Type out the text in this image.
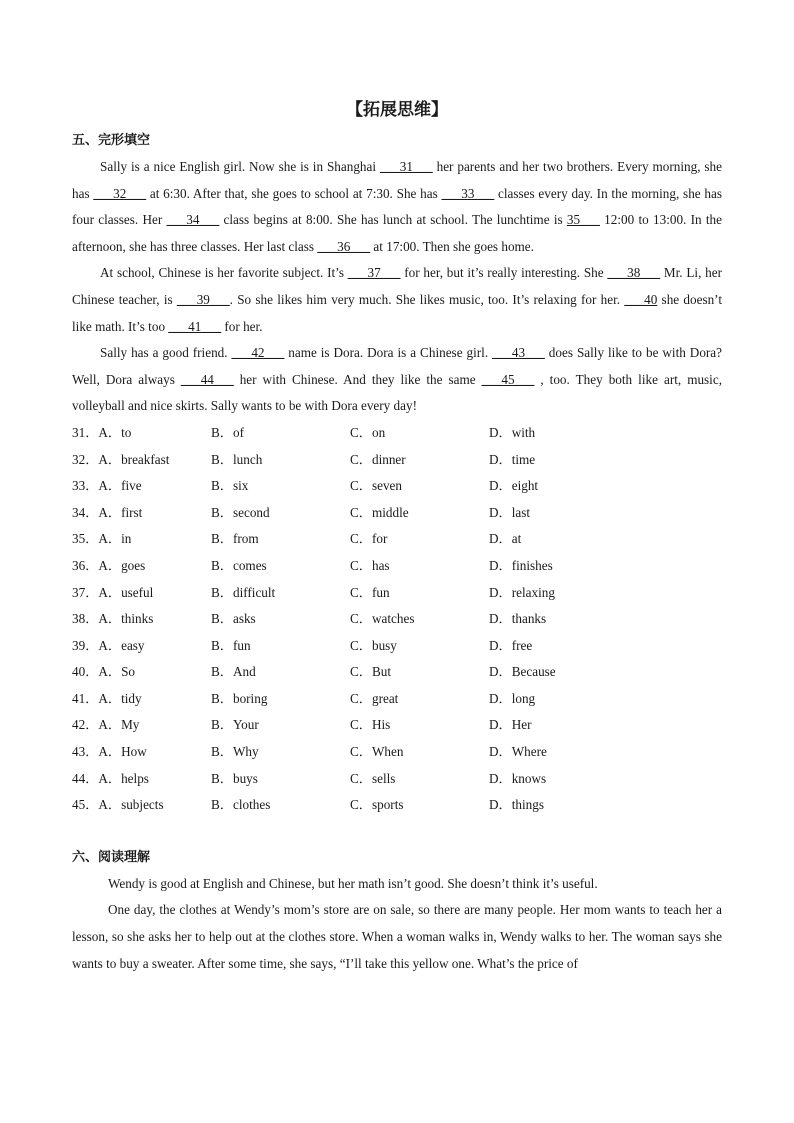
【拓展思维】
五、完形填空

Sally is a nice English girl. Now she is in Shanghai ___31___ her parents and her two brothers. Every morning, she has ___32___ at 6:30. After that, she goes to school at 7:30. She has ___33___ classes every day. In the morning, she has four classes. Her ___34___ class begins at 8:00. She has lunch at school. The lunchtime is 35___ 12:00 to 13:00. In the afternoon, she has three classes. Her last class ___36___ at 17:00. Then she goes home.

At school, Chinese is her favorite subject. It’s ___37___ for her, but it’s really interesting. She ___38___ Mr. Li, her Chinese teacher, is ___39___. So she likes him very much. She likes music, too. It’s relaxing for her. ___40 she doesn’t like math. It’s too ___41___ for her.

Sally has a good friend. ___42___ name is Dora. Dora is a Chinese girl. ___43___ does Sally like to be with Dora? Well, Dora always ___44___ her with Chinese. And they like the same ___45___ , too. They both like art, music, volleyball and nice skirts. Sally wants to be with Dora every day!

31．A．to	B．of	C．on	D．with
32．A．breakfast	B．lunch	C．dinner	D．time
33．A．five	B．six	C．seven	D．eight
34．A．first	B．second	C．middle	D．last
35．A．in	B．from	C．for	D．at
36．A．goes	B．comes	C．has	D．finishes
37．A．useful	B．difficult	C．fun	D．relaxing
38．A．thinks	B．asks	C．watches	D．thanks
39．A．easy	B．fun	C．busy	D．free
40．A．So	B．And	C．But	D．Because
41．A．tidy	B．boring	C．great	D．long
42．A．My	B．Your	C．His	D．Her
43．A．How	B．Why	C．When	D．Where
44．A．helps	B．buys	C．sells	D．knows
45．A．subjects	B．clothes	C．sports	D．things
六、阅读理解

Wendy is good at English and Chinese, but her math isn’t good. She doesn’t think it’s useful.

One day, the clothes at Wendy’s mom’s store are on sale, so there are many people. Her mom wants to teach her a lesson, so she asks her to help out at the clothes store. When a woman walks in, Wendy walks to her. The woman says she wants to buy a sweater. After some time, she says, “I’ll take this yellow one. What’s the price of
